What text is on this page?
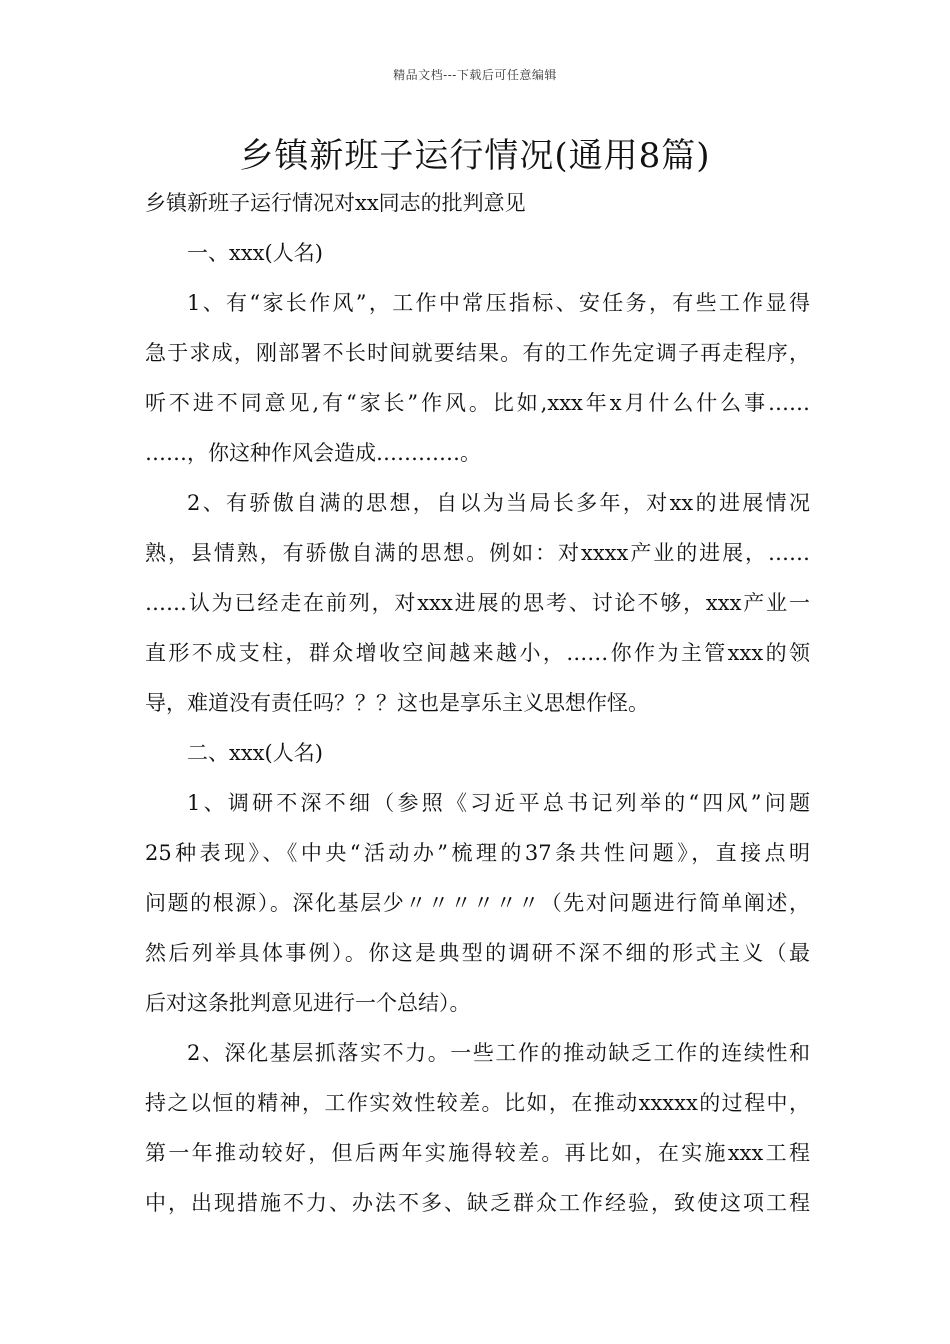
精品文档---下载后可任意编辑
乡镇新班子运行情况(通用8篇)
乡镇新班子运行情况对xx同志的批判意见
一、xxx(人名)
1、有“家长作风”，工作中常压指标、安任务，有些工作显得
急于求成，刚部署不长时间就要结果。有的工作先定调子再走程序，
听不进不同意见,有“家长”作风。比如,xxx年x月什么什么事……
……，你这种作风会造成…………。
2、有骄傲自满的思想，自以为当局长多年，对xx的进展情况
熟，县情熟，有骄傲自满的思想。例如：对xxxx产业的进展，……
……认为已经走在前列，对xxx进展的思考、讨论不够，xxx产业一
直形不成支柱，群众增收空间越来越小，……你作为主管xxx的领
导，难道没有责任吗？？？这也是享乐主义思想作怪。
二、xxx(人名)
1、调研不深不细（参照《习近平总书记列举的“四风”问题
25种表现》、《中央“活动办”梳理的37条共性问题》，直接点明
问题的根源）。深化基层少〃〃〃〃〃〃（先对问题进行简单阐述，
然后列举具体事例）。你这是典型的调研不深不细的形式主义（最
后对这条批判意见进行一个总结）。
2、深化基层抓落实不力。一些工作的推动缺乏工作的连续性和
持之以恒的精神，工作实效性较差。比如，在推动xxxxx的过程中，
第一年推动较好，但后两年实施得较差。再比如，在实施xxx工程
中，出现措施不力、办法不多、缺乏群众工作经验，致使这项工程
